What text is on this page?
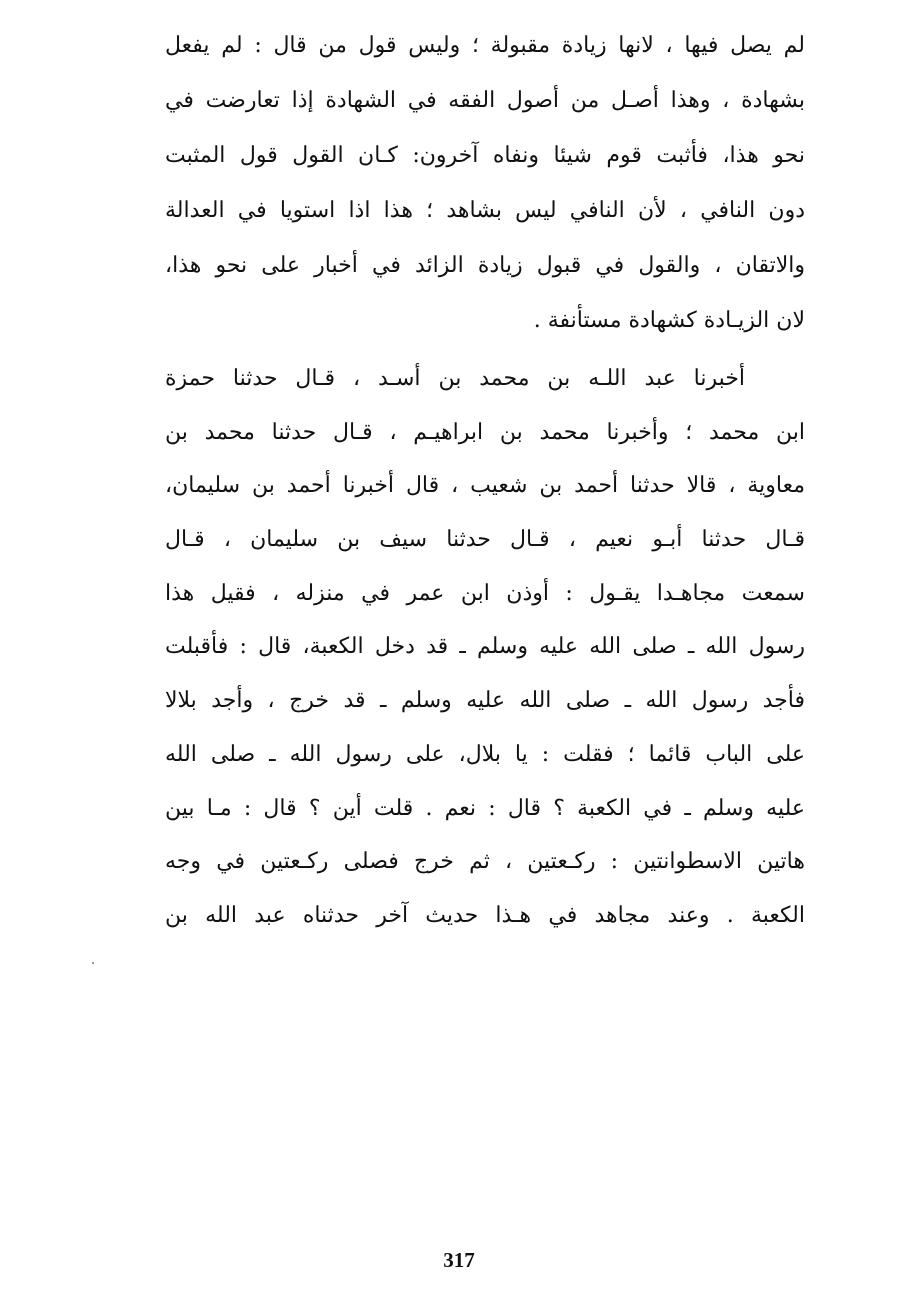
لم يصل فيها ، لانها زيادة مقبولة ؛ وليس قول من قال : لم يفعل
بشهادة ، وهذا أصـل من أصول الفقه في الشهادة إذا تعارضت في
نحو هذا، فأثبت قوم شيئا ونفاه آخرون: كـان القول قول المثبت
دون النافي ، لأن النافي ليس بشاهد ؛ هذا اذا استويا في العدالة
والاتقان ، والقول في قبول زيادة الزائد في أخبار على نحو هذا،
لان الزيـادة كشهادة مستأنفة .
أخبرنا عبد اللـه بن محمد بن أسـد ، قـال حدثنا حمزة
ابن محمد ؛ وأخبرنا محمد بن ابراهيـم ، قـال حدثنا محمد بن
معاوية ، قالا حدثنا أحمد بن شعيب ، قال أخبرنا أحمد بن سليمان،
قـال حدثنا أبـو نعيم ، قـال حدثنا سيف بن سليمان ، قـال
سمعت مجاهـدا يقـول : أوذن ابن عمر في منزله ، فقيل هذا
رسول الله ـ صلى الله عليه وسلم ـ قد دخل الكعبة، قال : فأقبلت
فأجد رسول الله ـ صلى الله عليه وسلم ـ قد خرج ، وأجد بلالا
على الباب قائما ؛ فقلت : يا بلال، على رسول الله ـ صلى الله
عليه وسلم ـ في الكعبة ؟ قال : نعم . قلت أين ؟ قال : مـا بين
هاتين الاسطوانتين : ركـعتين ، ثم خرج فصلى ركـعتين في وجه
الكعبة . وعند مجاهد في هـذا حديث آخر حدثناه عبد الله بن
317
